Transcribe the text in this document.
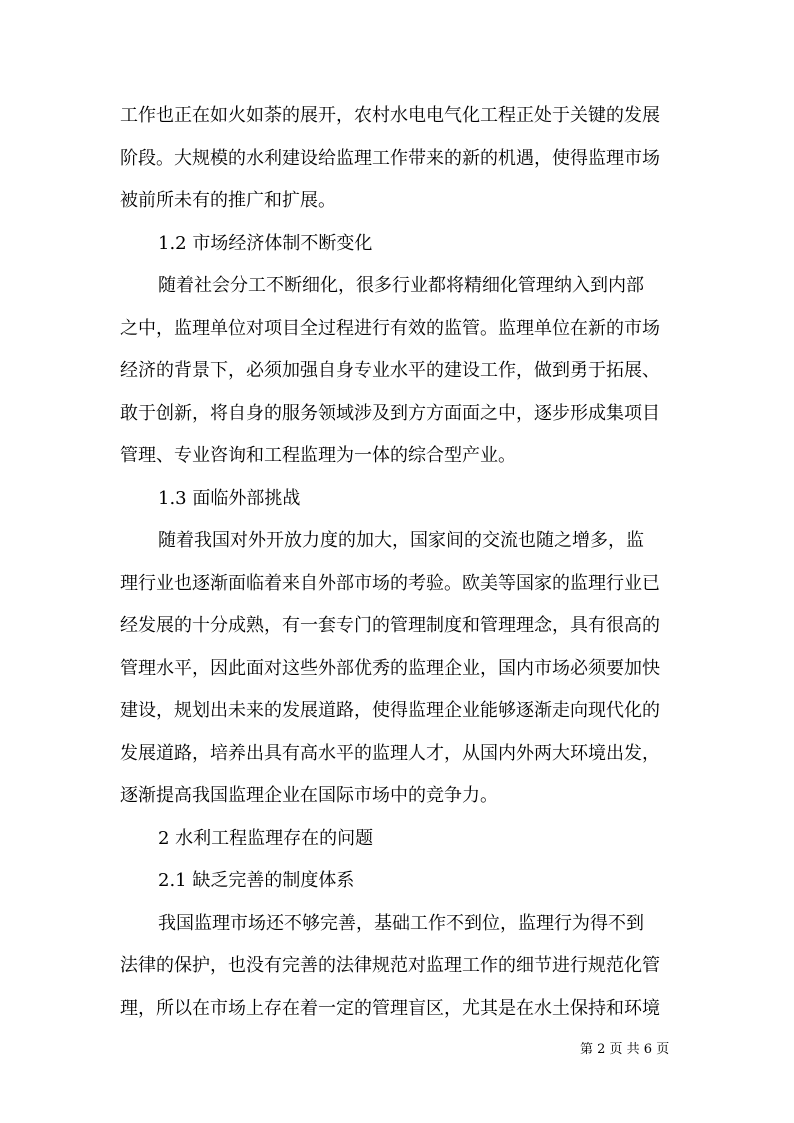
工作也正在如火如荼的展开，农村水电电气化工程正处于关键的发展
阶段。大规模的水利建设给监理工作带来的新的机遇，使得监理市场
被前所未有的推广和扩展。
1.2 市场经济体制不断变化
随着社会分工不断细化，很多行业都将精细化管理纳入到内部
之中，监理单位对项目全过程进行有效的监管。监理单位在新的市场
经济的背景下，必须加强自身专业水平的建设工作，做到勇于拓展、
敢于创新，将自身的服务领域涉及到方方面面之中，逐步形成集项目
管理、专业咨询和工程监理为一体的综合型产业。
1.3 面临外部挑战
随着我国对外开放力度的加大，国家间的交流也随之增多，监
理行业也逐渐面临着来自外部市场的考验。欧美等国家的监理行业已
经发展的十分成熟，有一套专门的管理制度和管理理念，具有很高的
管理水平，因此面对这些外部优秀的监理企业，国内市场必须要加快
建设，规划出未来的发展道路，使得监理企业能够逐渐走向现代化的
发展道路，培养出具有高水平的监理人才，从国内外两大环境出发，
逐渐提高我国监理企业在国际市场中的竞争力。
2 水利工程监理存在的问题
2.1 缺乏完善的制度体系
我国监理市场还不够完善，基础工作不到位，监理行为得不到
法律的保护，也没有完善的法律规范对监理工作的细节进行规范化管
理，所以在市场上存在着一定的管理盲区，尤其是在水土保持和环境
第 2 页 共 6 页
